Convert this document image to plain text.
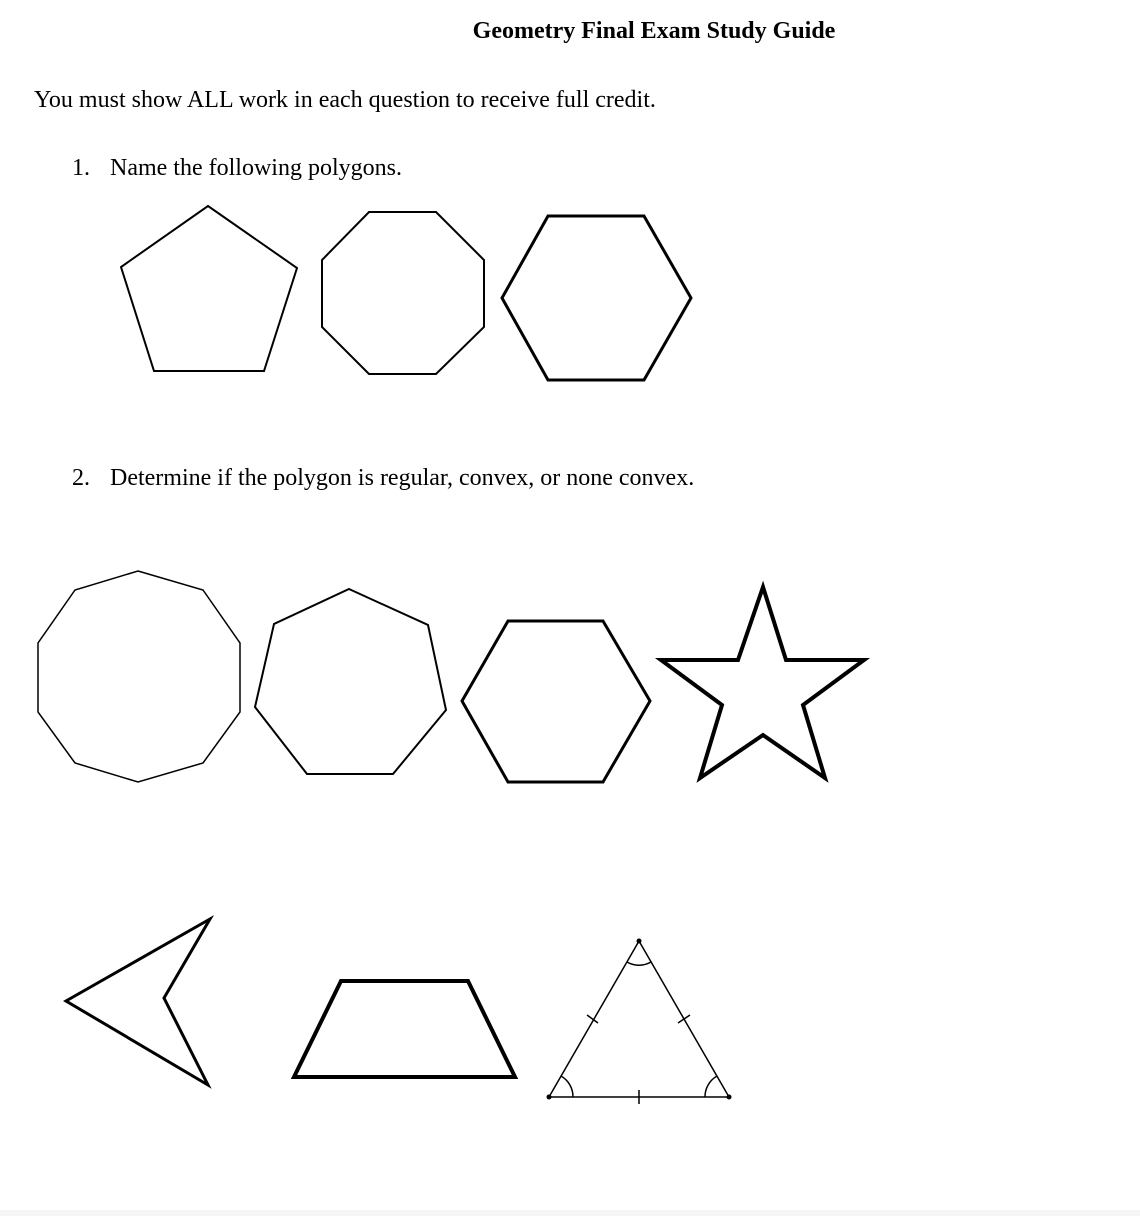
Geometry Final Exam Study Guide
You must show ALL work in each question to receive full credit.
1. Name the following polygons.
2. Determine if the polygon is regular, convex, or none convex.
